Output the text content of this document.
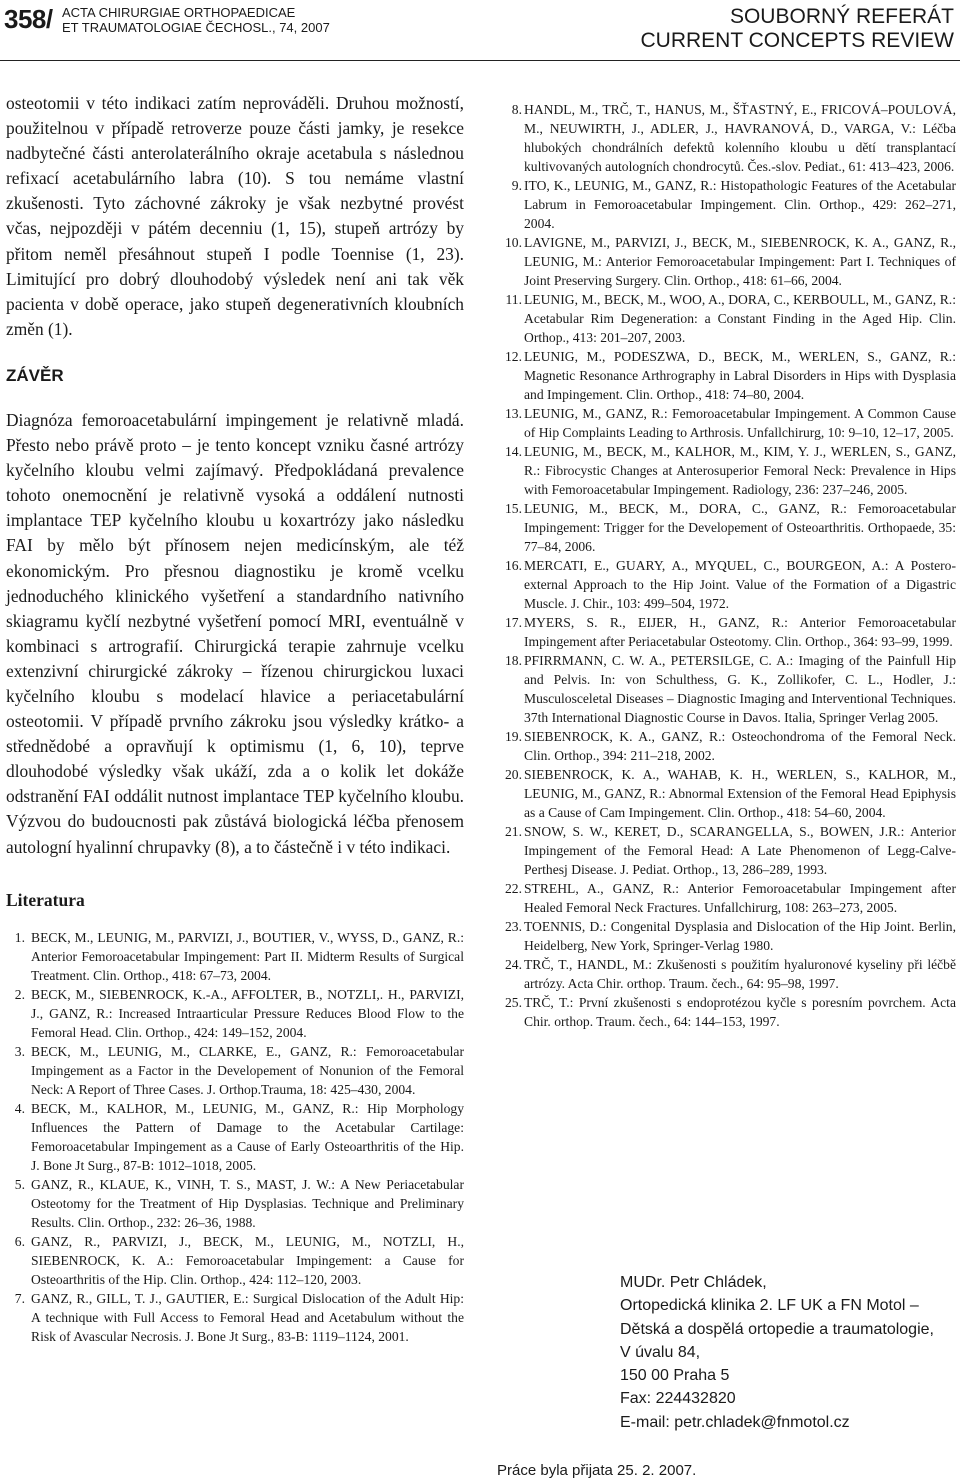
358/ ACTA CHIRURGIAE ORTHOPAEDICAE
ET TRAUMATOLOGIAE ČECHOSL., 74, 2007	SOUBORNÝ REFERÁT
CURRENT CONCEPTS REVIEW

osteotomii v této indikaci zatím neprováděli. Druhou možností, použitelnou v případě retroverze pouze části jamky, je resekce nadbytečné části anterolaterálního okraje acetabula s následnou refixací acetabulárního labra (10). S tou nemáme vlastní zkušenosti. Tyto záchovné zákroky je však nezbytné provést včas, nejpozději v pátém decenniu (1, 15), stupeň artrózy by přitom neměl přesáhnout stupeň I podle Toennise (1, 23). Limitující pro dobrý dlouhodobý výsledek není ani tak věk pacienta v době operace, jako stupeň degenerativních kloubních změn (1).

ZÁVĚR

Diagnóza femoroacetabulární impingement je relativně mladá. Přesto nebo právě proto – je tento koncept vzniku časné artrózy kyčelního kloubu velmi zajímavý. Předpokládaná prevalence tohoto onemocnění je relativně vysoká a oddálení nutnosti implantace TEP kyčelního kloubu u koxartrózy jako následku FAI by mělo být přínosem nejen medicínským, ale též ekonomickým. Pro přesnou diagnostiku je kromě vcelku jednoduchého klinického vyšetření a standardního nativního skiagramu kyčlí nezbytné vyšetření pomocí MRI, eventuálně v kombinaci s artrografií. Chirurgická terapie zahrnuje vcelku extenzivní chirurgické zákroky – řízenou chirurgickou luxaci kyčelního kloubu s modelací hlavice a periacetabulární osteotomii. V případě prvního zákroku jsou výsledky krátko- a střednědobé a opravňují k optimismu (1, 6, 10), teprve dlouhodobé výsledky však ukáží, zda a o kolik let dokáže odstranění FAI oddálit nutnost implantace TEP kyčelního kloubu. Výzvou do budoucnosti pak zůstává biologická léčba přenosem autologní hyalinní chrupavky (8), a to částečně i v této indikaci.

Literatura
1. BECK, M., LEUNIG, M., PARVIZI, J., BOUTIER, V., WYSS, D., GANZ, R.: Anterior Femoroacetabular Impingement: Part II. Midterm Results of Surgical Treatment. Clin. Orthop., 418: 67–73, 2004.
2. BECK, M., SIEBENROCK, K.-A., AFFOLTER, B., NOTZLI,. H., PARVIZI, J., GANZ, R.: Increased Intraarticular Pressure Reduces Blood Flow to the Femoral Head. Clin. Orthop., 424: 149–152, 2004.
3. BECK, M., LEUNIG, M., CLARKE, E., GANZ, R.: Femoroacetabular Impingement as a Factor in the Developement of Nonunion of the Femoral Neck: A Report of Three Cases. J. Orthop.Trauma, 18: 425–430, 2004.
4. BECK, M., KALHOR, M., LEUNIG, M., GANZ, R.: Hip Morphology Influences the Pattern of Damage to the Acetabular Cartilage: Femoroacetabular Impingement as a Cause of Early Osteoarthritis of the Hip. J. Bone Jt Surg., 87-B: 1012–1018, 2005.
5. GANZ, R., KLAUE, K., VINH, T. S., MAST, J. W.: A New Periacetabular Osteotomy for the Treatment of Hip Dysplasias. Technique and Preliminary Results. Clin. Orthop., 232: 26–36, 1988.
6. GANZ, R., PARVIZI, J., BECK, M., LEUNIG, M., NOTZLI, H., SIEBENROCK, K. A.: Femoroacetabular Impingement: a Cause for Osteoarthritis of the Hip. Clin. Orthop., 424: 112–120, 2003.
7. GANZ, R., GILL, T. J., GAUTIER, E.: Surgical Dislocation of the Adult Hip: A technique with Full Access to Femoral Head and Acetabulum without the Risk of Avascular Necrosis. J. Bone Jt Surg., 83-B: 1119–1124, 2001.
8. HANDL, M., TRČ, T., HANUS, M., ŠŤASTNÝ, E., FRICOVÁ–POULOVÁ, M., NEUWIRTH, J., ADLER, J., HAVRANOVÁ, D., VARGA, V.: Léčba hlubokých chondrálních defektů kolenního kloubu u dětí transplantací kultivovaných autologních chondrocytů. Čes.-slov. Pediat., 61: 413–423, 2006.
9. ITO, K., LEUNIG, M., GANZ, R.: Histopathologic Features of the Acetabular Labrum in Femoroacetabular Impingement. Clin. Orthop., 429: 262–271, 2004.
10. LAVIGNE, M., PARVIZI, J., BECK, M., SIEBENROCK, K. A., GANZ, R., LEUNIG, M.: Anterior Femoroacetabular Impingement: Part I. Techniques of Joint Preserving Surgery. Clin. Orthop., 418: 61–66, 2004.
11. LEUNIG, M., BECK, M., WOO, A., DORA, C., KERBOULL, M., GANZ, R.: Acetabular Rim Degeneration: a Constant Finding in the Aged Hip. Clin. Orthop., 413: 201–207, 2003.
12. LEUNIG, M., PODESZWA, D., BECK, M., WERLEN, S., GANZ, R.: Magnetic Resonance Arthrography in Labral Disorders in Hips with Dysplasia and Impingement. Clin. Orthop., 418: 74–80, 2004.
13. LEUNIG, M., GANZ, R.: Femoroacetabular Impingement. A Common Cause of Hip Complaints Leading to Arthrosis. Unfallchirurg, 10: 9–10, 12–17, 2005.
14. LEUNIG, M., BECK, M., KALHOR, M., KIM, Y. J., WERLEN, S., GANZ, R.: Fibrocystic Changes at Anterosuperior Femoral Neck: Prevalence in Hips with Femoroacetabular Impingement. Radiology, 236: 237–246, 2005.
15. LEUNIG, M., BECK, M., DORA, C., GANZ, R.: Femoroacetabular Impingement: Trigger for the Developement of Osteoarthritis. Orthopaede, 35: 77–84, 2006.
16. MERCATI, E., GUARY, A., MYQUEL, C., BOURGEON, A.: A Postero-external Approach to the Hip Joint. Value of the Formation of a Digastric Muscle. J. Chir., 103: 499–504, 1972.
17. MYERS, S. R., EIJER, H., GANZ, R.: Anterior Femoroacetabular Impingement after Periacetabular Osteotomy. Clin. Orthop., 364: 93–99, 1999.
18. PFIRRMANN, C. W. A., PETERSILGE, C. A.: Imaging of the Painfull Hip and Pelvis. In: von Schulthess, G. K., Zollikofer, C. L., Hodler, J.: Musculosceletal Diseases – Diagnostic Imaging and Interventional Techniques. 37th International Diagnostic Course in Davos. Italia, Springer Verlag 2005.
19. SIEBENROCK, K. A., GANZ, R.: Osteochondroma of the Femoral Neck. Clin. Orthop., 394: 211–218, 2002.
20. SIEBENROCK, K. A., WAHAB, K. H., WERLEN, S., KALHOR, M., LEUNIG, M., GANZ, R.: Abnormal Extension of the Femoral Head Epiphysis as a Cause of Cam Impingement. Clin. Orthop., 418: 54–60, 2004.
21. SNOW, S. W., KERET, D., SCARANGELLA, S., BOWEN, J.R.: Anterior Impingement of the Femoral Head: A Late Phenomenon of Legg-Calve-Perthesj Disease. J. Pediat. Orthop., 13, 286–289, 1993.
22. STREHL, A., GANZ, R.: Anterior Femoroacetabular Impingement after Healed Femoral Neck Fractures. Unfallchirurg, 108: 263–273, 2005.
23. TOENNIS, D.: Congenital Dysplasia and Dislocation of the Hip Joint. Berlin, Heidelberg, New York, Springer-Verlag 1980.
24. TRČ, T., HANDL, M.: Zkušenosti s použitím hyaluronové kyseliny při léčbě artrózy. Acta Chir. orthop. Traum. čech., 64: 95–98, 1997.
25. TRČ, T.: První zkušenosti s endoprotézou kyčle s poresním povrchem. Acta Chir. orthop. Traum. čech., 64: 144–153, 1997.
MUDr. Petr Chládek,
Ortopedická klinika 2. LF UK a FN Motol –
Dětská a dospělá ortopedie a traumatologie,
V úvalu 84,
150 00 Praha 5
Fax: 224432820
E-mail: petr.chladek@fnmotol.cz
Práce byla přijata 25. 2. 2007.
